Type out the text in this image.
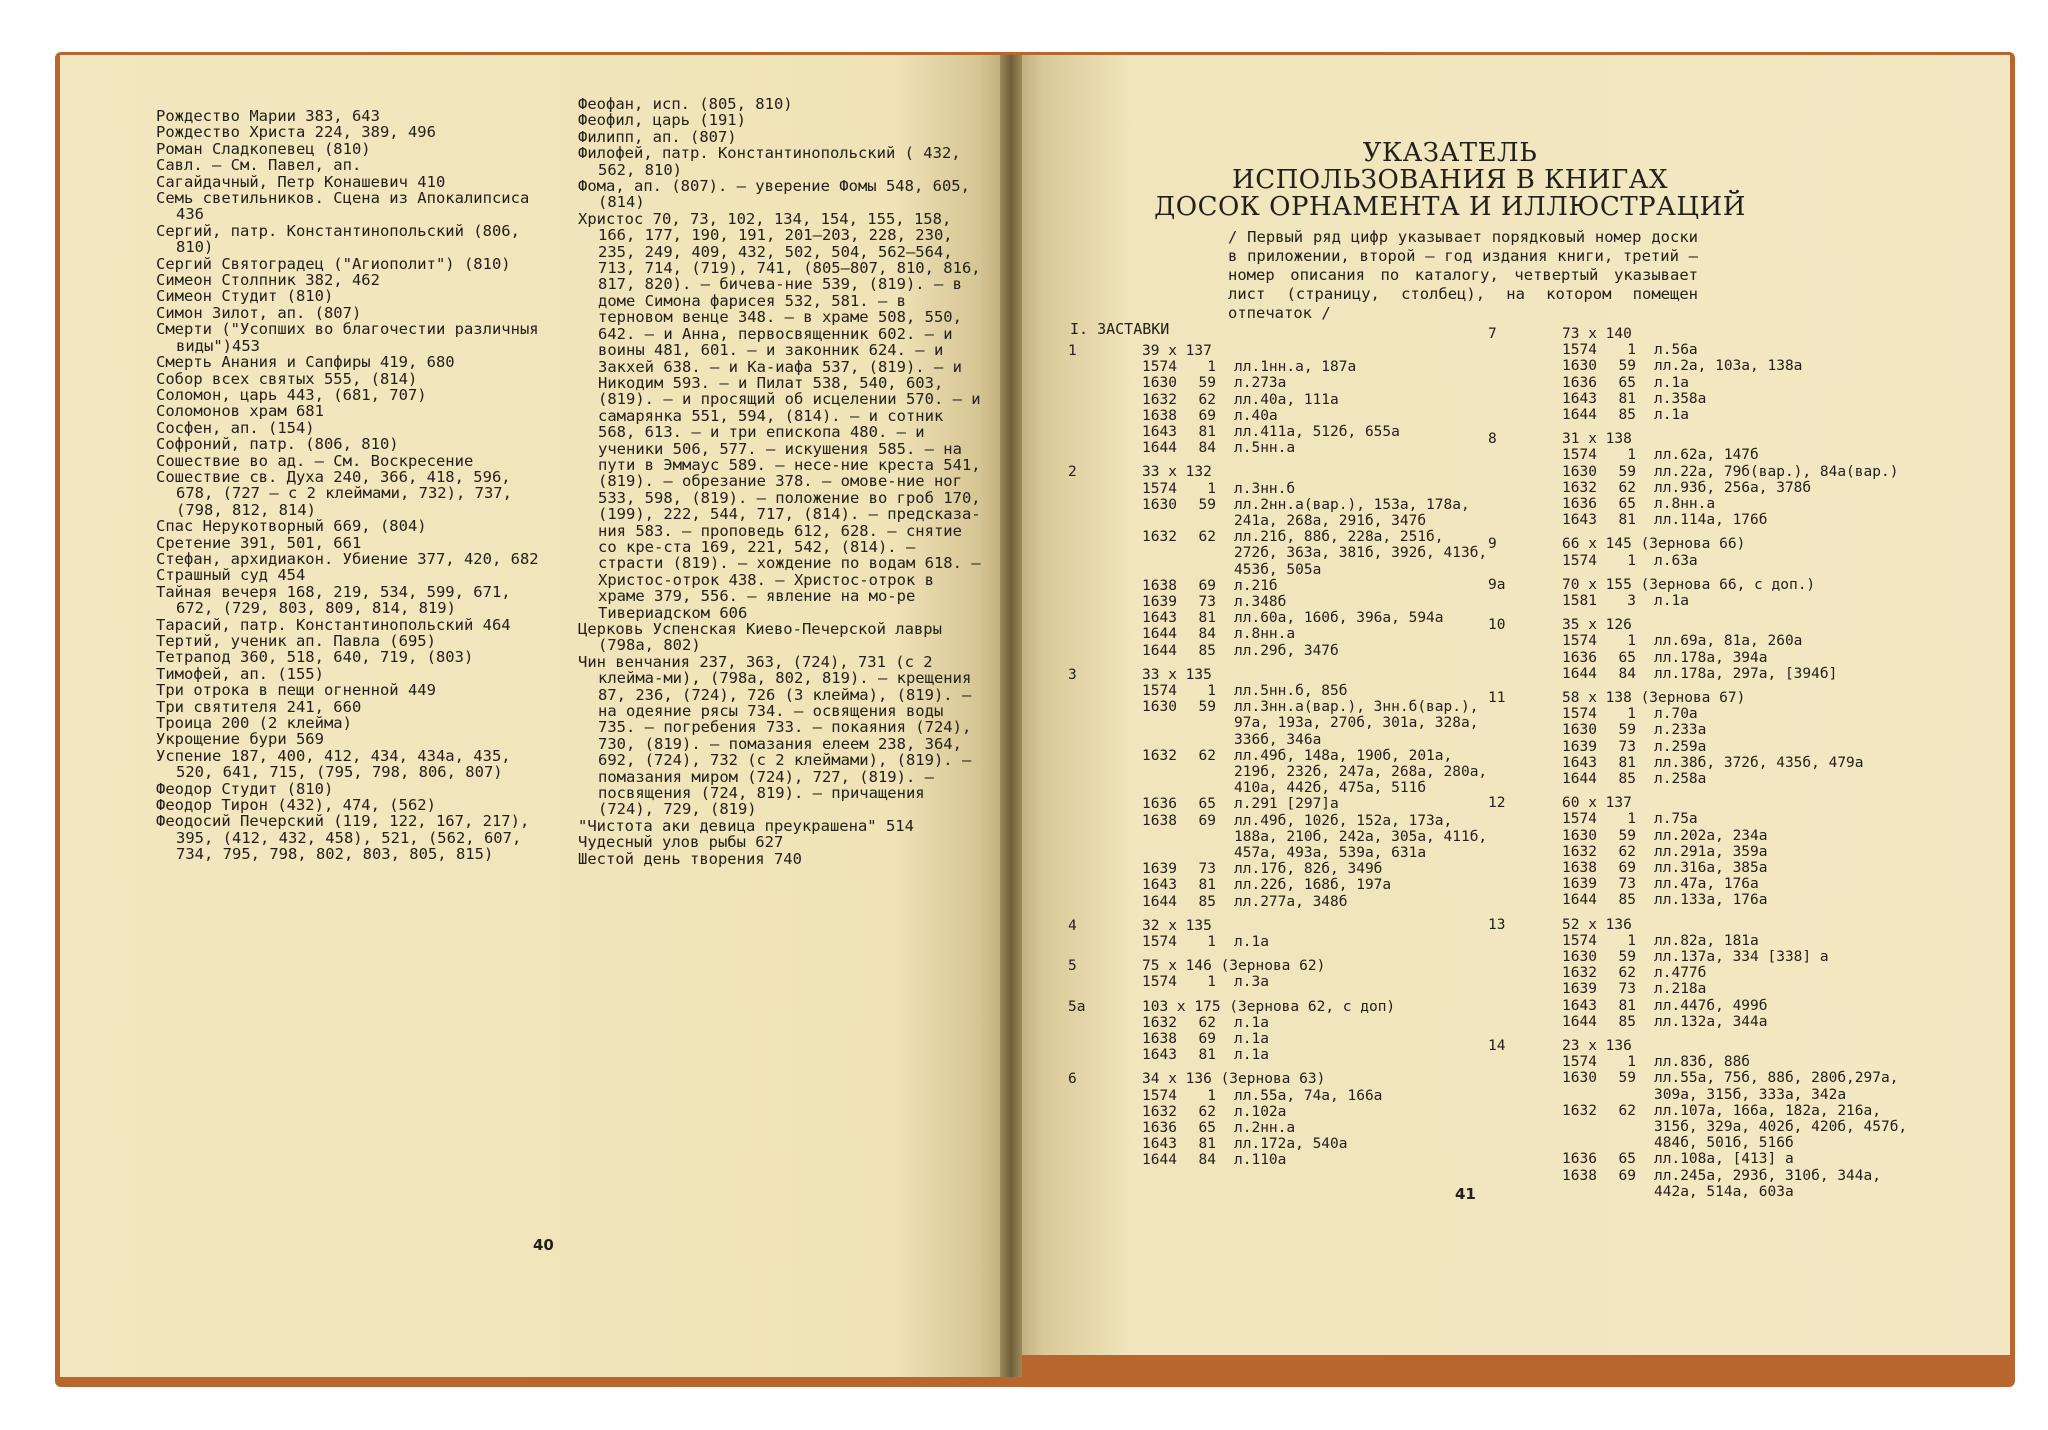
Рождество Марии 383, 643
Рождество Христа 224, 389, 496
Роман Сладкопевец (810)
Савл. – См. Павел, ап.
Сагайдачный, Петр Конашевич 410
Семь светильников. Сцена из Апокалипсиса 436
Сергий, патр. Константинопольский (806, 810)
Сергий Святоградец ("Агиополит") (810)
Симеон Столпник 382, 462
Симеон Студит (810)
Симон Зилот, ап. (807)
Смерти ("Усопших во благочестии различныя виды")453
Смерть Анания и Сапфиры 419, 680
Собор всех святых 555, (814)
Соломон, царь 443, (681, 707)
Соломонов храм 681
Сосфен, ап. (154)
Софроний, патр. (806, 810)
Сошествие во ад. – См. Воскресение
Сошествие св. Духа 240, 366, 418, 596, 678, (727 – с 2 клеймами, 732), 737, (798, 812, 814)
Спас Нерукотворный 669, (804)
Сретение 391, 501, 661
Стефан, архидиакон. Убиение 377, 420, 682
Страшный суд 454
Тайная вечеря 168, 219, 534, 599, 671, 672, (729, 803, 809, 814, 819)
Тарасий, патр. Константинопольский 464
Тертий, ученик ап. Павла (695)
Тетрапод 360, 518, 640, 719, (803)
Тимофей, ап. (155)
Три отрока в пещи огненной 449
Три святителя 241, 660
Троица 200 (2 клейма)
Укрощение бури 569
Успение 187, 400, 412, 434, 434а, 435, 520, 641, 715, (795, 798, 806, 807)
Феодор Студит (810)
Феодор Тирон (432), 474, (562)
Феодосий Печерский (119, 122, 167, 217), 395, (412, 432, 458), 521, (562, 607, 734, 795, 798, 802, 803, 805, 815)
Феофан, исп. (805, 810)
Феофил, царь (191)
Филипп, ап. (807)
Филофей, патр. Константинопольский ( 432, 562, 810)
Фома, ап. (807). – уверение Фомы 548, 605, (814)
Христос 70, 73, 102, 134, 154, 155, 158, 166, 177, 190, 191, 201–203, 228, 230, 235, 249, 409, 432, 502, 504, 562–564, 713, 714, (719), 741, (805–807, 810, 816, 817, 820). – бичева-ние 539, (819). – в доме Симона фарисея 532, 581. – в терновом венце 348. – в храме 508, 550, 642. – и Анна, первосвященник 602. – и воины 481, 601. – и законник 624. – и Закхей 638. – и Ка-иафа 537, (819). – и Никодим 593. – и Пилат 538, 540, 603, (819). – и просящий об исцелении 570. – и самарянка 551, 594, (814). – и сотник 568, 613. – и три епископа 480. – и ученики 506, 577. – искушения 585. – на пути в Эммаус 589. – несе-ние креста 541, (819). – обрезание 378. – омове-ние ног 533, 598, (819). – положение во гроб 170, (199), 222, 544, 717, (814). – предсказа-ния 583. – проповедь 612, 628. – снятие со кре-ста 169, 221, 542, (814). – страсти (819). – хождение по водам 618. – Христос-отрок 438. – Христос-отрок в храме 379, 556. – явление на мо-ре Тивериадском 606
Церковь Успенская Киево-Печерской лавры (798а, 802)
Чин венчания 237, 363, (724), 731 (с 2 клейма-ми), (798а, 802, 819). – крещения 87, 236, (724), 726 (3 клейма), (819). – на одеяние рясы 734. – освящения воды 735. – погребения 733. – покаяния (724), 730, (819). – помазания елеем 238, 364, 692, (724), 732 (с 2 клеймами), (819). – помазания миром (724), 727, (819). – посвящения (724, 819). – причащения (724), 729, (819)
"Чистота аки девица преукрашена" 514
Чудесный улов рыбы 627
Шестой день творения 740
40
УКАЗАТЕЛЬ
ИСПОЛЬЗОВАНИЯ В КНИГАХ
ДОСОК ОРНАМЕНТА И ИЛЛЮСТРАЦИЙ
/ Первый ряд цифр указывает порядковый номер доски в приложении, второй – год издания книги, третий – номер описания по каталогу, четвертый указывает лист (страницу, столбец), на котором помещен отпечаток /
I. ЗАСТАВКИ
1	39 x 137
1574 1 лл.1нн.а, 187а
1630 59 л.273а
1632 62 лл.40а, 111а
1638 69 л.40а
1643 81 лл.411а, 512б, 655а
1644 84 л.5нн.а
2	33 x 132
1574 1 л.3нн.б
1630 59 лл.2нн.а(вар.), 153а, 178а, 241а, 268а, 291б, 347б
1632 62 лл.21б, 88б, 228а, 251б, 272б, 363а, 381б, 392б, 413б, 453б, 505а
1638 69 л.21б
1639 73 л.348б
1643 81 лл.60а, 160б, 396а, 594а
1644 84 л.8нн.а
1644 85 лл.29б, 347б
3	33 x 135
1574 1 лл.5нн.б, 85б
1630 59 лл.3нн.а(вар.), 3нн.б(вар.), 97а, 193а, 270б, 301а, 328а, 336б, 346а
1632 62 лл.49б, 148а, 190б, 201а, 219б, 232б, 247а, 268а, 280а, 410а, 442б, 475а, 511б
1636 65 л.291 [297]а
1638 69 лл.49б, 102б, 152а, 173а, 188а, 210б, 242а, 305а, 411б, 457а, 493а, 539а, 631а
1639 73 лл.17б, 82б, 349б
1643 81 лл.22б, 168б, 197а
1644 85 лл.277а, 348б
4	32 x 135
1574 1 л.1а
5	75 x 146 (Зернова 62)
1574 1 л.3а
5а	103 x 175 (Зернова 62, с доп)
1632 62 л.1а
1638 69 л.1а
1643 81 л.1а
6	34 x 136 (Зернова 63)
1574 1 лл.55а, 74а, 166а
1632 62 л.102а
1636 65 л.2нн.а
1643 81 лл.172а, 540а
1644 84 л.110а
7	73 x 140
1574 1 л.56а
1630 59 лл.2а, 103а, 138а
1636 65 л.1а
1643 81 л.358а
1644 85 л.1а
8	31 x 138
1574 1 лл.62а, 147б
1630 59 лл.22а, 79б(вар.), 84а(вар.)
1632 62 лл.93б, 256а, 378б
1636 65 л.8нн.а
1643 81 лл.114а, 176б
9	66 x 145 (Зернова 66)
1574 1 л.63а
9а	70 x 155 (Зернова 66, с доп.)
1581 3 л.1а
10	35 x 126
1574 1 лл.69а, 81а, 260а
1636 65 лл.178а, 394а
1644 84 лл.178а, 297а, [394б]
11	58 x 138 (Зернова 67)
1574 1 л.70а
1630 59 л.233а
1639 73 л.259а
1643 81 лл.38б, 372б, 435б, 479а
1644 85 л.258а
12	60 x 137
1574 1 л.75а
1630 59 лл.202а, 234а
1632 62 лл.291а, 359а
1638 69 лл.316а, 385а
1639 73 лл.47а, 176а
1644 85 лл.133а, 176а
13	52 x 136
1574 1 лл.82а, 181а
1630 59 лл.137а, 334 [338] а
1632 62 л.477б
1639 73 л.218а
1643 81 лл.447б, 499б
1644 85 лл.132а, 344а
14	23 x 136
1574 1 лл.83б, 88б
1630 59 лл.55а, 75б, 88б, 280б,297а, 309а, 315б, 333а, 342а
1632 62 лл.107а, 166а, 182а, 216а, 315б, 329а, 402б, 420б, 457б, 484б, 501б, 516б
1636 65 лл.108а, [413] а
1638 69 лл.245а, 293б, 310б, 344а, 442а, 514а, 603а
41
